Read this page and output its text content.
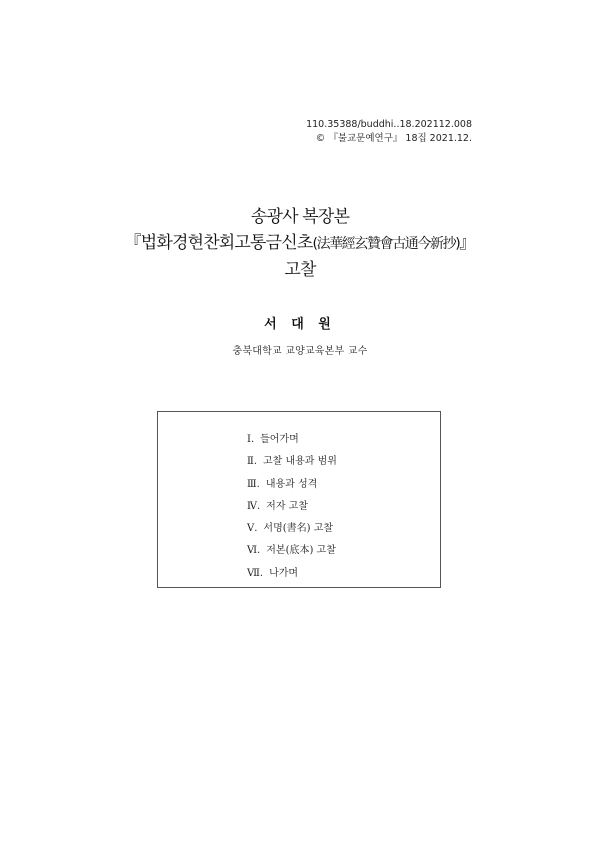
110.35388/buddhi..18.202112.008
© 『불교문예연구』 18집 2021.12.
송광사 복장본
『법화경현찬회고통금신초(法華經玄贊會古通今新抄)』
고찰
서 대 원
충북대학교 교양교육본부 교수
Ⅰ. 들어가며
Ⅱ. 고찰 내용과 범위
Ⅲ. 내용과 성격
Ⅳ. 저자 고찰
Ⅴ. 서명(書名) 고찰
Ⅵ. 저본(底本) 고찰
Ⅶ. 나가며
